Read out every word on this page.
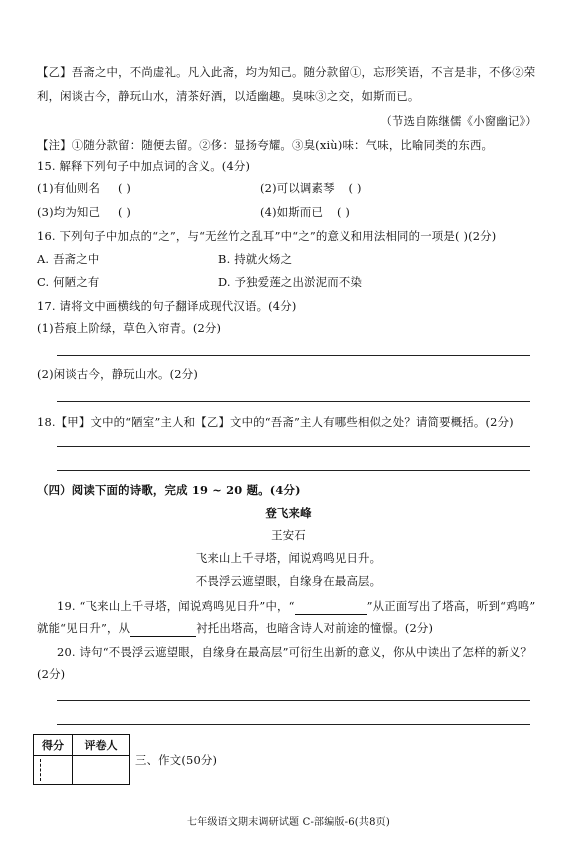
【乙】吾斋之中，不尚虚礼。凡入此斋，均为知己。随分款留①，忘形笑语，不言是非，不侈②荣
利，闲谈古今，静玩山水，清茶好酒，以适幽趣。臭味③之交，如斯而已。
（节选自陈继儒《小窗幽记》）
【注】①随分款留：随便去留。②侈：显扬夸耀。③臭(xiù)味：气味，比喻同类的东西。
15. 解释下列句子中加点词的含义。(4分)
(1)有仙则名 ( )	(2)可以调素琴 ( )
(3)均为知己 ( )	(4)如斯而已 ( )
16. 下列句子中加点的“之”，与“无丝竹之乱耳”中“之”的意义和用法相同的一项是( )(2分)
A. 吾斋之中	B. 持就火炀之
C. 何陋之有	D. 予独爱莲之出淤泥而不染
17. 请将文中画横线的句子翻译成现代汉语。(4分)
(1)苔痕上阶绿，草色入帘青。(2分)
(2)闲谈古今，静玩山水。(2分)
18.【甲】文中的“陋室”主人和【乙】文中的“吾斋”主人有哪些相似之处？请简要概括。(2分)
（四）阅读下面的诗歌，完成 19 ~ 20 题。(4分)
登飞来峰
王安石
飞来山上千寻塔，闻说鸡鸣见日升。
不畏浮云遮望眼，自缘身在最高层。
19. “飞来山上千寻塔，闻说鸡鸣见日升”中，“	”从正面写出了塔高，听到“鸡鸣”
就能“见日升”，从	衬托出塔高，也暗含诗人对前途的憧憬。(2分)
20. 诗句“不畏浮云遮望眼，自缘身在最高层”可衍生出新的意义，你从中读出了怎样的新义？
(2分)
得分	评卷人

三、作文(50分)
七年级语文期末调研试题 C-部编版-6(共8页)
